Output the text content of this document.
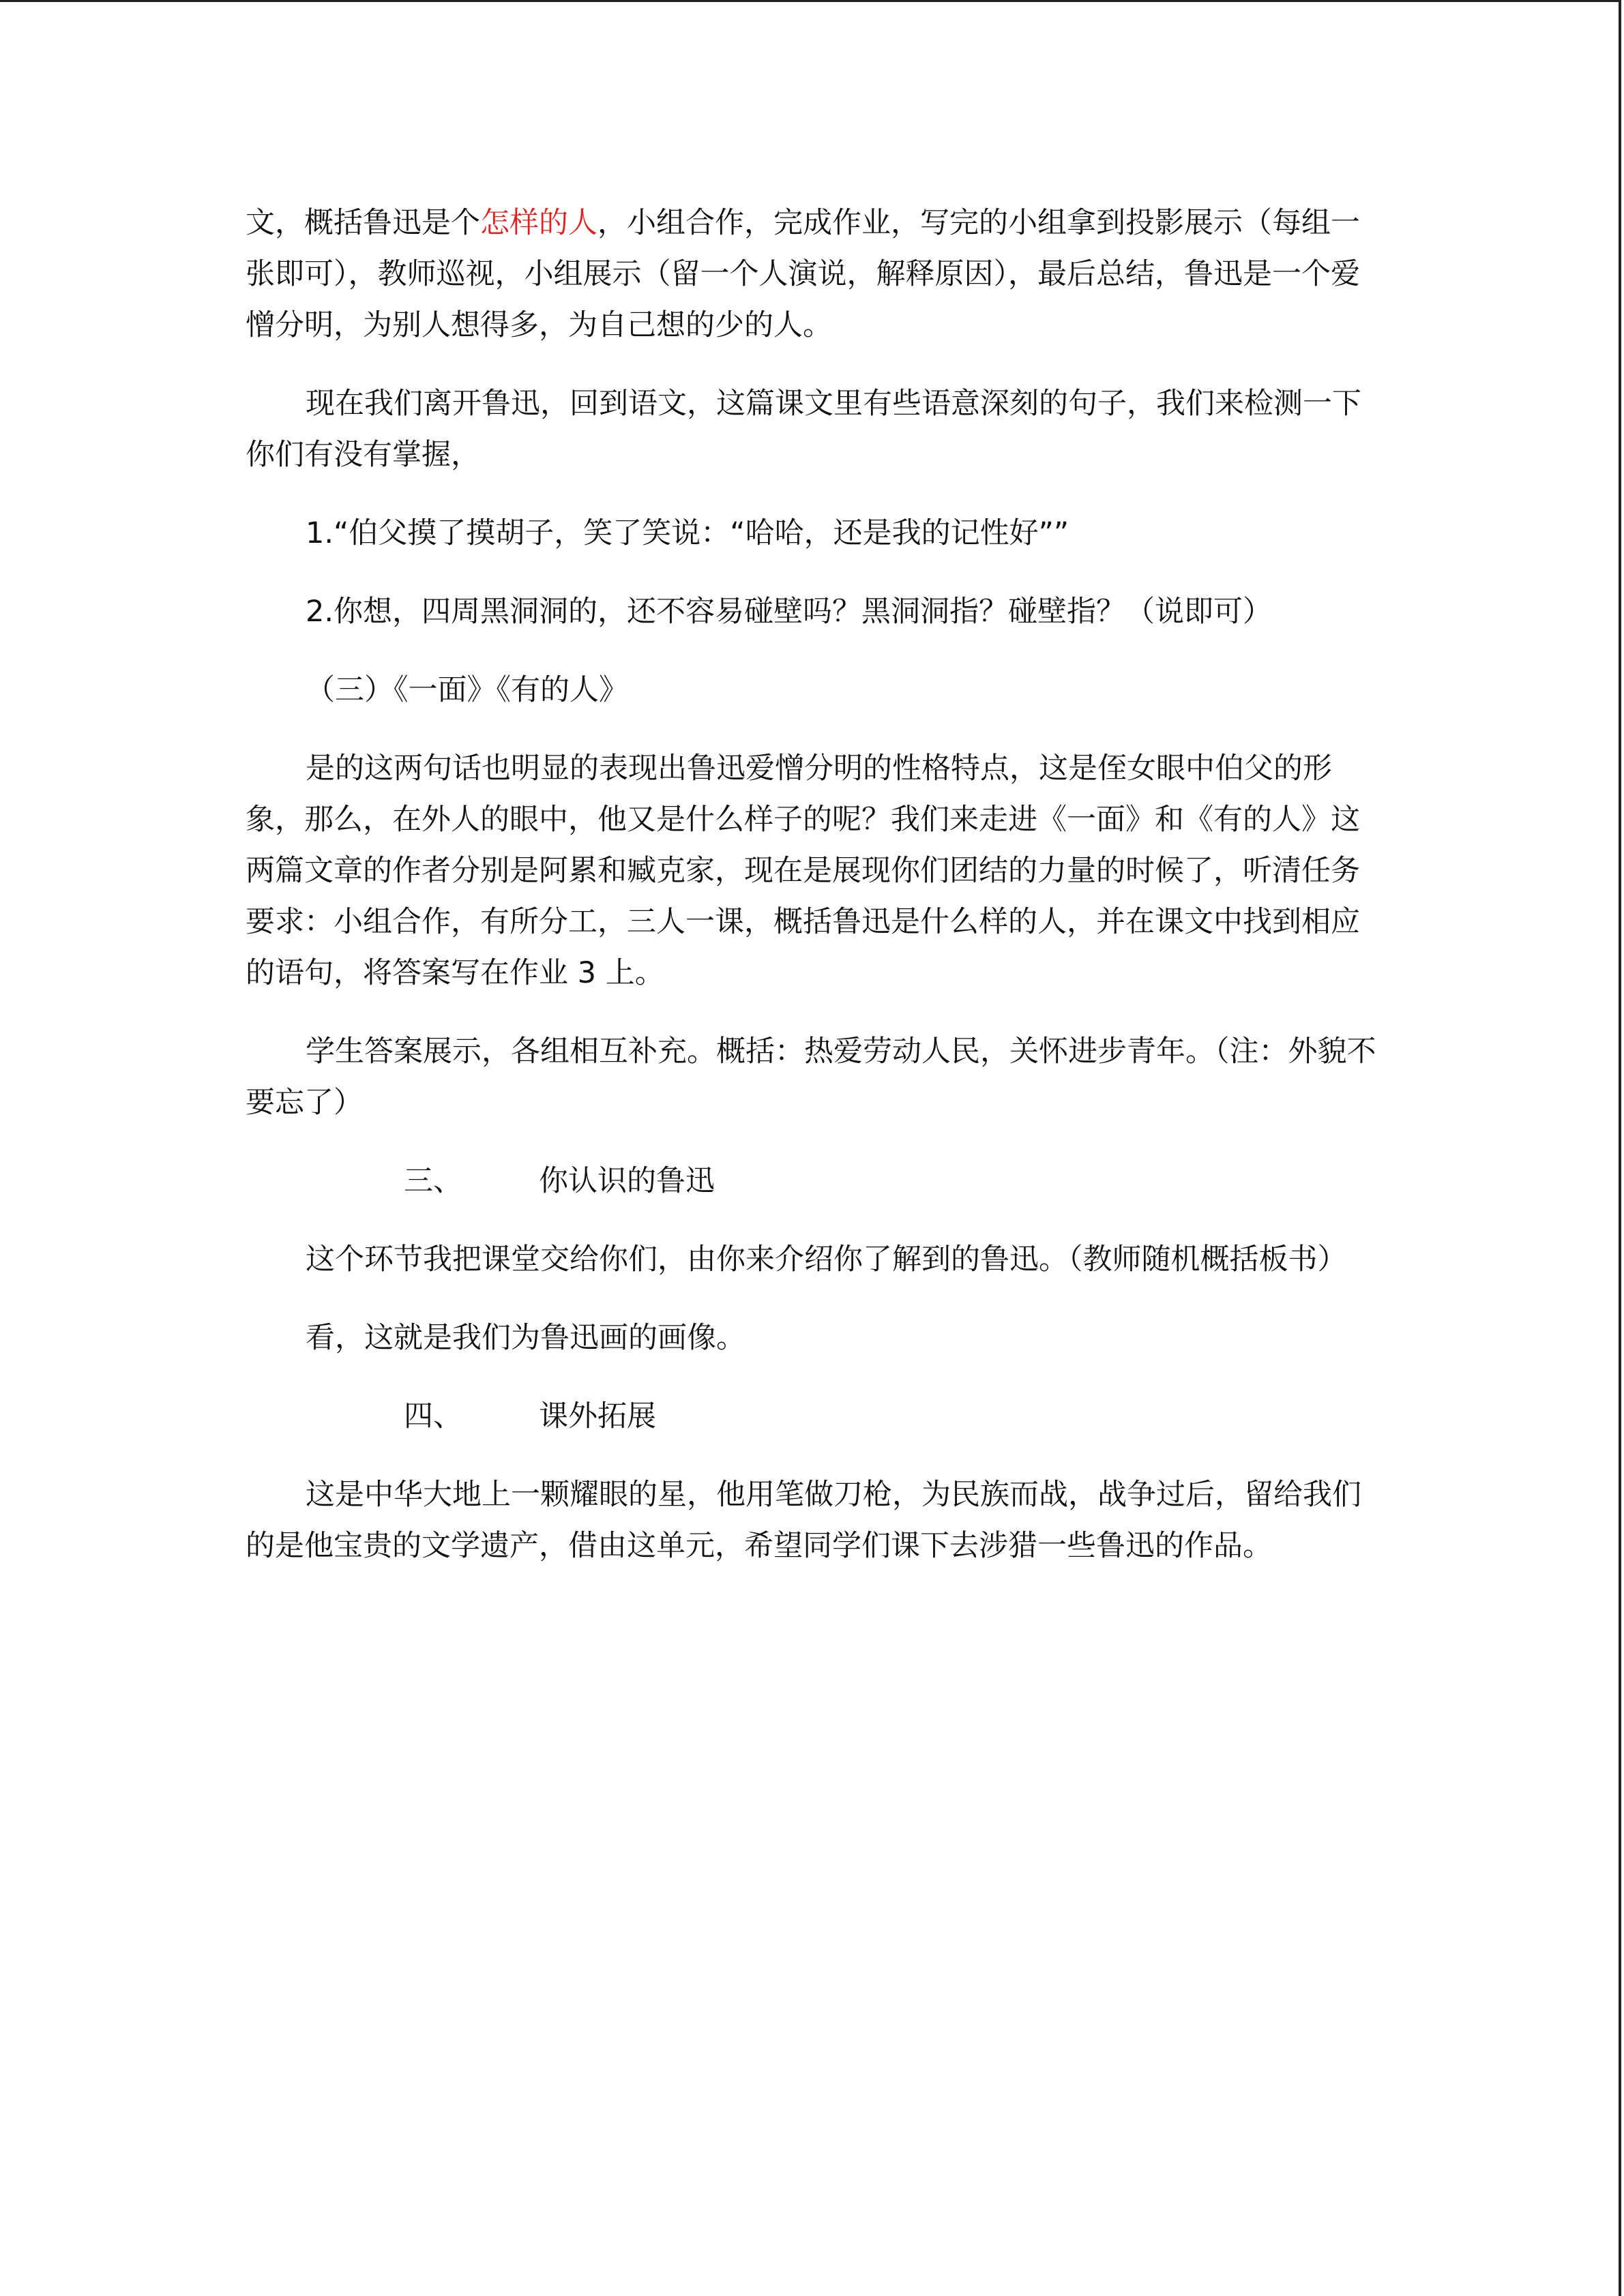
文，概括鲁迅是个怎样的人，小组合作，完成作业，写完的小组拿到投影展示（每组一张即可），教师巡视，小组展示（留一个人演说，解释原因），最后总结，鲁迅是一个爱憎分明，为别人想得多，为自己想的少的人。

现在我们离开鲁迅，回到语文，这篇课文里有些语意深刻的句子，我们来检测一下你们有没有掌握，

1.“伯父摸了摸胡子，笑了笑说：“哈哈，还是我的记性好””

2.你想，四周黑洞洞的，还不容易碰壁吗？黑洞洞指？碰壁指？（说即可）

（三）《一面》《有的人》

是的这两句话也明显的表现出鲁迅爱憎分明的性格特点，这是侄女眼中伯父的形象，那么，在外人的眼中，他又是什么样子的呢？我们来走进《一面》和《有的人》这两篇文章的作者分别是阿累和臧克家，现在是展现你们团结的力量的时候了，听清任务要求：小组合作，有所分工，三人一课，概括鲁迅是什么样的人，并在课文中找到相应的语句，将答案写在作业 3 上。

学生答案展示，各组相互补充。概括：热爱劳动人民，关怀进步青年。（注：外貌不要忘了）

三、	你认识的鲁迅

这个环节我把课堂交给你们，由你来介绍你了解到的鲁迅。（教师随机概括板书）

看，这就是我们为鲁迅画的画像。

四、	课外拓展

这是中华大地上一颗耀眼的星，他用笔做刀枪，为民族而战，战争过后，留给我们的是他宝贵的文学遗产，借由这单元，希望同学们课下去涉猎一些鲁迅的作品。
